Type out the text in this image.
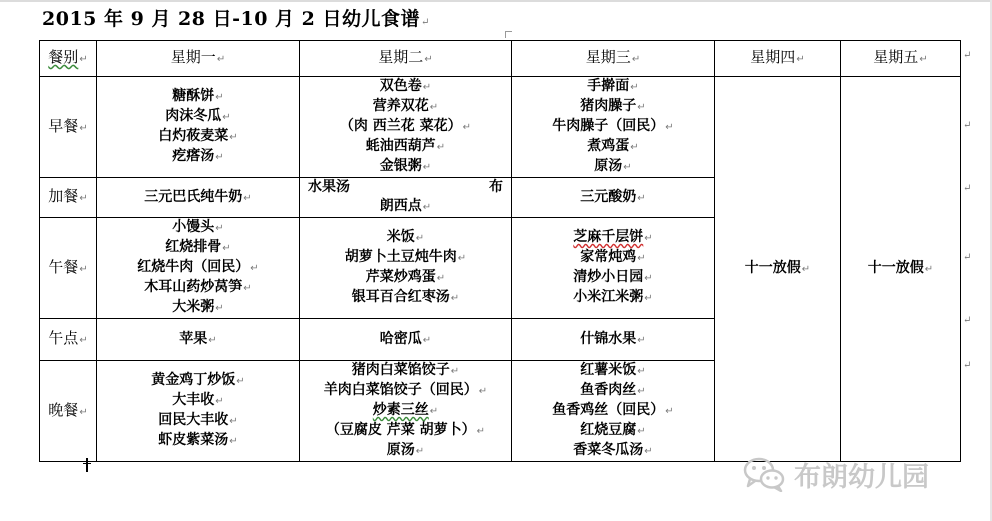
2015 年 9 月 28 日-10 月 2 日幼儿食谱↵
餐别↵	星期一↵	星期二↵	星期三↵	星期四↵	星期五↵
早餐↵	糖酥饼↵
肉沫冬瓜↵
白灼莜麦菜↵
疙瘩汤↵	双色卷↵
营养双花↵
（肉 西兰花 菜花）↵
蚝油西葫芦↵
金银粥↵	手擀面↵
猪肉臊子↵
牛肉臊子（回民）↵
煮鸡蛋↵
原汤↵	十一放假↵	十一放假↵
加餐↵	三元巴氏纯牛奶↵	水果汤 布
朗西点↵	三元酸奶↵		
午餐↵	小馒头↵
红烧排骨↵
红烧牛肉（回民）↵
木耳山药炒莴笋↵
大米粥↵	米饭↵
胡萝卜土豆炖牛肉↵
芹菜炒鸡蛋↵
银耳百合红枣汤↵	芝麻千层饼↵
家常炖鸡↵
清炒小日园↵
小米江米粥↵		

午点↵	苹果↵	哈密瓜↵	什锦水果↵		
晚餐↵	黄金鸡丁炒饭↵
大丰收↵
回民大丰收↵
虾皮紫菜汤↵	猪肉白菜馅饺子↵
羊肉白菜馅饺子（回民）↵
炒素三丝↵
（豆腐皮 芹菜 胡萝卜）↵
原汤↵	红薯米饭↵
鱼香肉丝↵
鱼香鸡丝（回民）↵
红烧豆腐↵
香菜冬瓜汤↵		
↵
↵
↵
↵
↵
↵
布朗幼儿园
